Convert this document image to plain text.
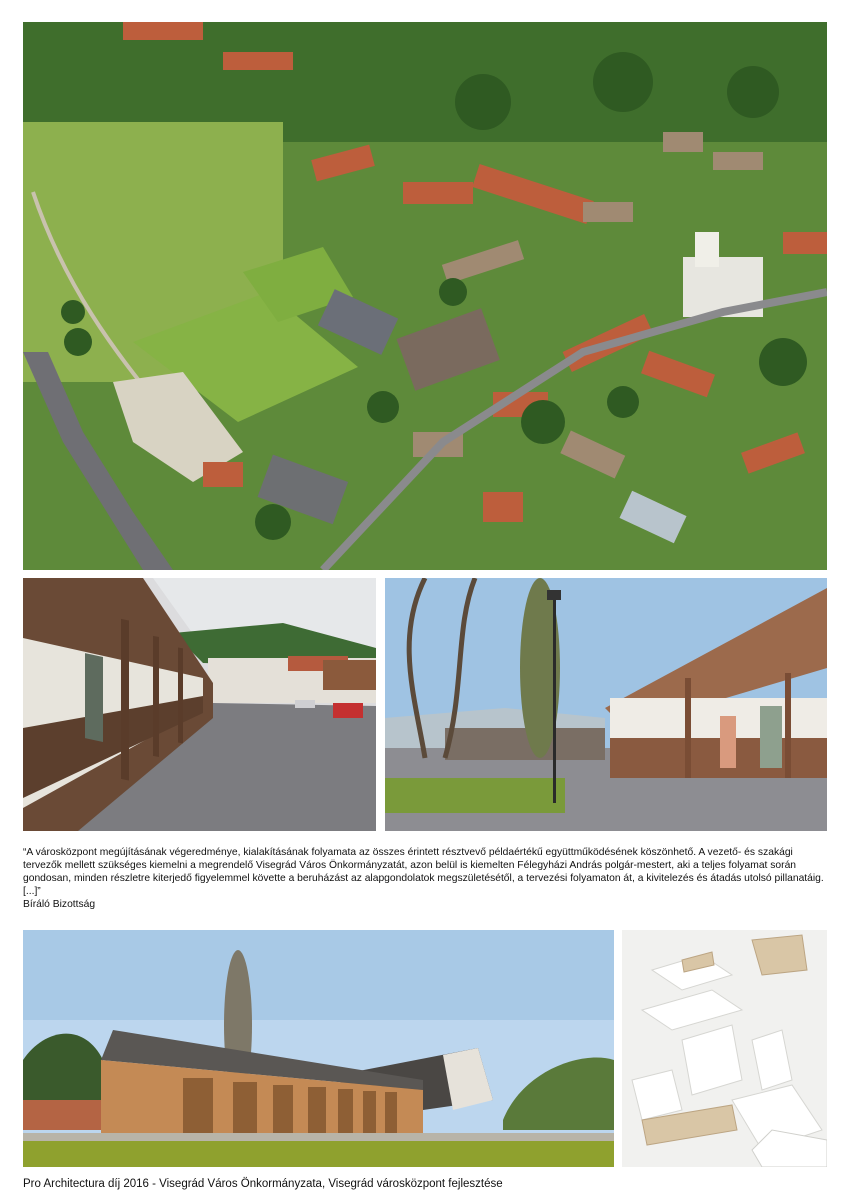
“A városközpont megújításának végeredménye, kialakításának folyamata az összes érintett résztvevő példaértékű együttműködésének köszönhető. A vezető- és szakági tervezők mellett szükséges kiemelni a megrendelő Visegrád Város Önkormányzatát, azon belül is kiemelten Félegyházi András polgár-mestert, aki a teljes folyamat során gondosan, minden részletre kiterjedő figyelemmel követte a beruházást az alapgondolatok megszületésétől, a tervezési folyamaton át, a kivitelezés és átadás utolsó pillanatáig. [...]”

Bíráló Bizottság

Pro Architectura díj 2016 - Visegrád Város Önkormányzata, Visegrád városközpont fejlesztése
